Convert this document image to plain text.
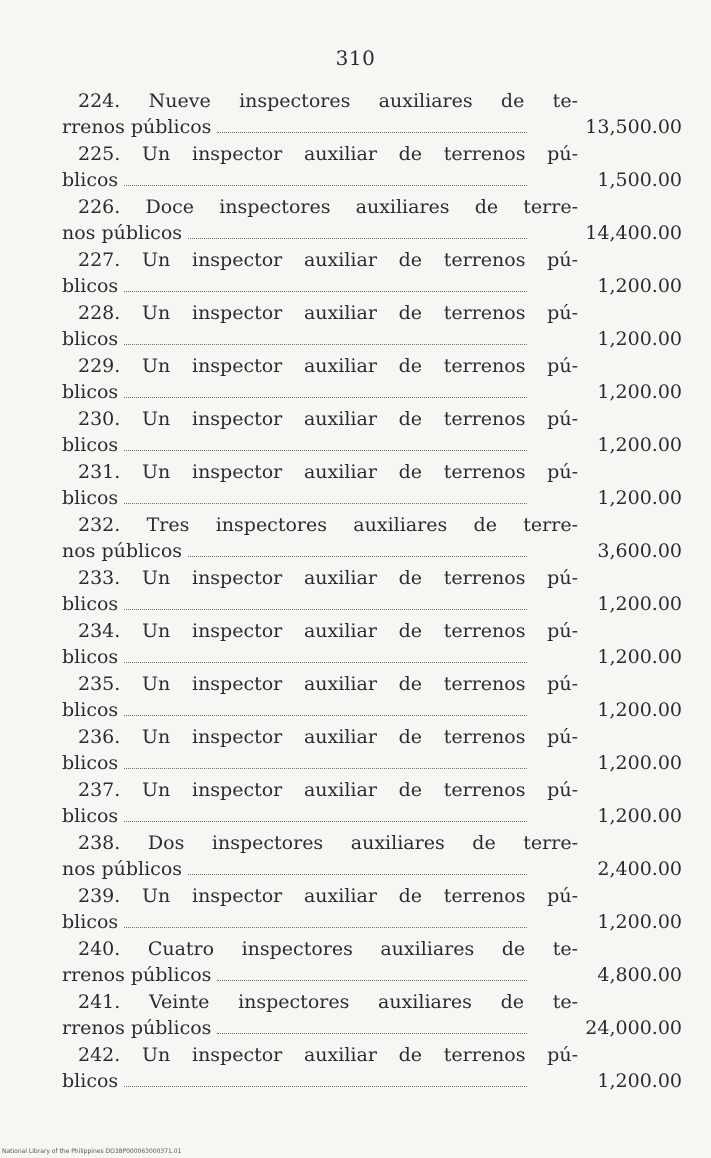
310
224. Nueve inspectores auxiliares de te-
rrenos públicos	13,500.00
225. Un inspector auxiliar de terrenos pú-
blicos	1,500.00
226. Doce inspectores auxiliares de terre-
nos públicos	14,400.00
227. Un inspector auxiliar de terrenos pú-
blicos	1,200.00
228. Un inspector auxiliar de terrenos pú-
blicos	1,200.00
229. Un inspector auxiliar de terrenos pú-
blicos	1,200.00
230. Un inspector auxiliar de terrenos pú-
blicos	1,200.00
231. Un inspector auxiliar de terrenos pú-
blicos	1,200.00
232. Tres inspectores auxiliares de terre-
nos públicos	3,600.00
233. Un inspector auxiliar de terrenos pú-
blicos	1,200.00
234. Un inspector auxiliar de terrenos pú-
blicos	1,200.00
235. Un inspector auxiliar de terrenos pú-
blicos	1,200.00
236. Un inspector auxiliar de terrenos pú-
blicos	1,200.00
237. Un inspector auxiliar de terrenos pú-
blicos	1,200.00
238. Dos inspectores auxiliares de terre-
nos públicos	2,400.00
239. Un inspector auxiliar de terrenos pú-
blicos	1,200.00
240. Cuatro inspectores auxiliares de te-
rrenos públicos	4,800.00
241. Veinte inspectores auxiliares de te-
rrenos públicos	24,000.00
242. Un inspector auxiliar de terrenos pú-
blicos	1,200.00
National Library of the Philippines DO38P000063000371.01
